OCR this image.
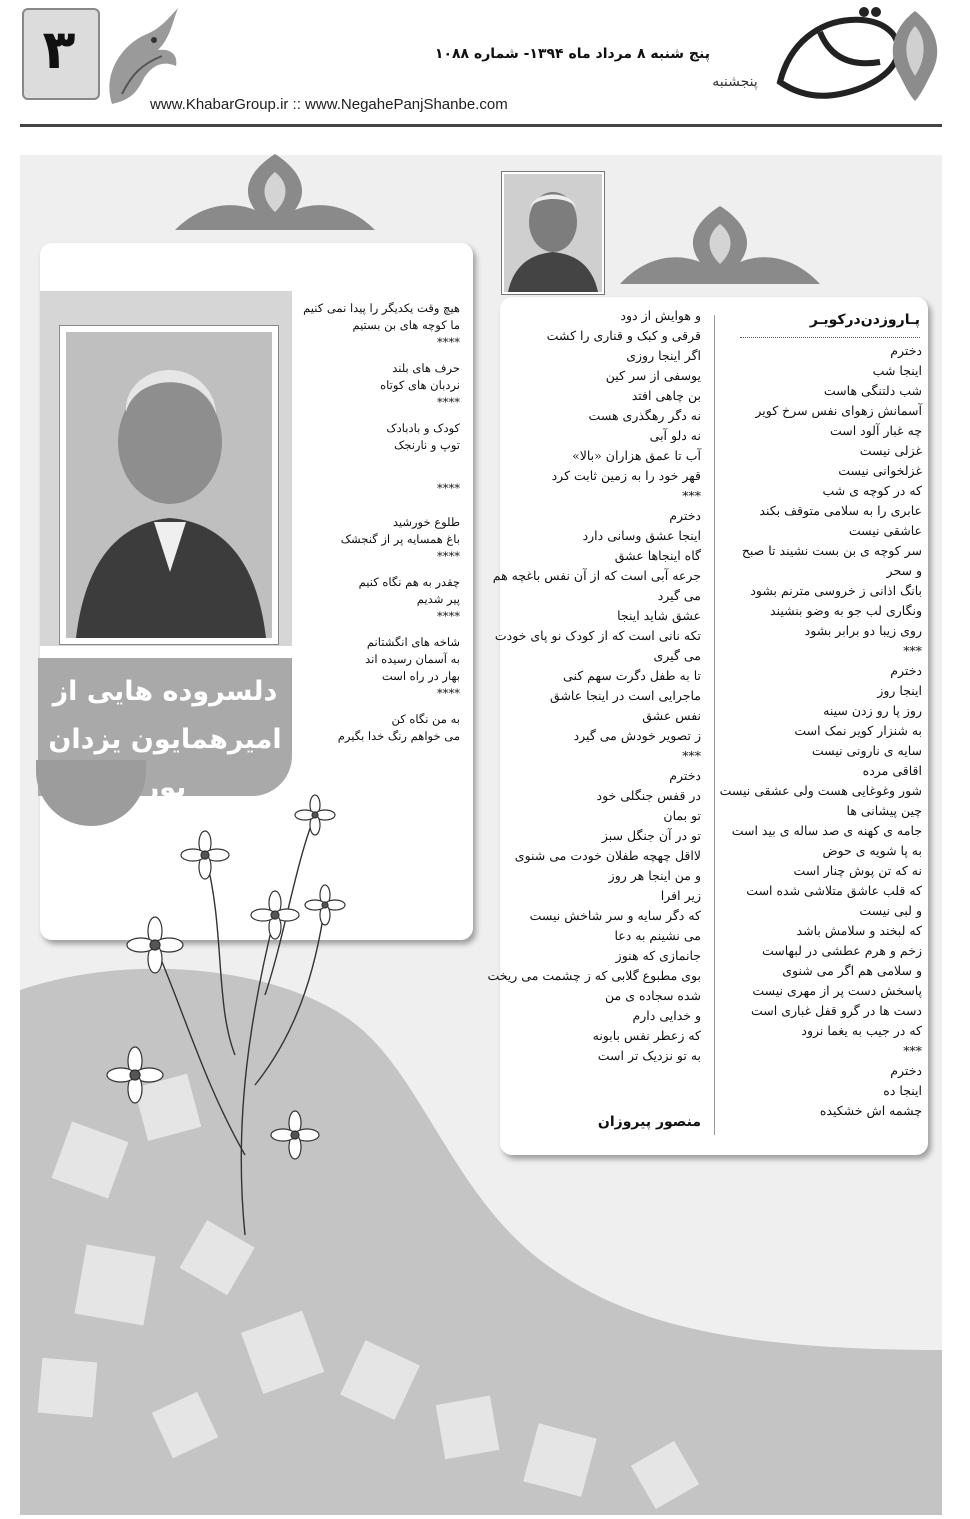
۳	پنج شنبه ۸ مرداد ماه ۱۳۹۴- شماره ۱۰۸۸
www.KhabarGroup.ir :: www.NegahePanjShanbe.com
پنجشنبه
دلسروده هایی از
امیرهمایون یزدان پور
هیچ وقت یکدیگر را پیدا نمی کنیم
ما کوچه های بن بستیم
****
حرف های بلند
نردبان های کوتاه
****
کودک و بادبادک
توپ و نارنجک
****
طلوع خورشید
باغ همسایه پر از گنجشک
****
چقدر به هم نگاه کنیم
پیر شدیم
****
شاخه های انگشتانم
به آسمان رسیده اند
بهار در راه است
****
به من نگاه کن
می خواهم رنگ خدا بگیرم
پـاروزدن‌درکویـر
دخترم
اینجا شب
شب دلتنگی هاست
آسمانش زهوای نفس سرخ کویر
چه غبار آلود است
غزلی نیست
غزلخوانی نیست
که در کوچه ی شب
عابری را به سلامی متوقف بکند
عاشقی نیست
سر کوچه ی بن بست نشیند تا صبح
و سحر
بانگ اذانی ز خروسی مترنم بشود
ونگاری لب جو به وضو بنشیند
روی زیبا دو برابر بشود
***
دخترم
اینجا روز
روز پا رو زدن سینه
به شنزار کویر نمک است
سایه ی نارونی نیست
اقاقی مرده
شور وغوغایی هست ولی عشقی نیست
چین پیشانی ها
جامه ی کهنه ی صد ساله ی بید است
به پا شویه ی حوض
نه که تن پوش چنار است
که قلب عاشق متلاشی شده است
و لبی نیست
که لبخند و سلامش باشد
زخم و هرم عطشی در لبهاست
و سلامی هم اگر می شنوی
پاسخش دست پر از مهری نیست
دست ها در گرو قفل غباری است
که در جیب به یغما نرود
***
دخترم
اینجا ده
چشمه اش خشکیده
و هوایش از دود
قرقی و کبک و قناری را کشت
اگر اینجا روزی
یوسفی از سر کین
بن چاهی افتد
نه دگر رهگذری هست
نه دلو آبی
آب تا عمق هزاران «بالا»
قهر خود را به زمین ثابت کرد
***
دخترم
اینجا عشق وسانی دارد
گاه اینجاها عشق
جرعه آبی است که از آن نفس باغچه هم
می گیرد
عشق شاید اینجا
تکه نانی است که از کودک نو پای خودت
می گیری
تا به طفل دگرت سهم کنی
ماجرایی است در اینجا عاشق
نفس عشق
ز تصویر خودش می گیرد
***
دخترم
در قفس جنگلی خود
تو بمان
تو در آن جنگل سبز
لااقل چهچه طفلان خودت می شنوی
و من اینجا هر روز
زیر افرا
که دگر سایه و سر شاخش نیست
می نشینم به دعا
جانمازی که هنوز
بوی مطبوع گلابی که ز چشمت می ریخت
شده سجاده ی من
و خدایی دارم
که زعطر نفس بابونه
به تو نزدیک تر است
منصور پیروزان
